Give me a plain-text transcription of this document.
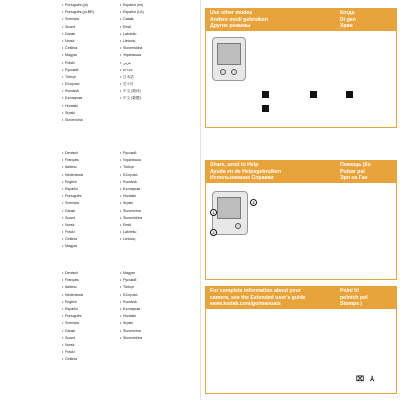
• Português (pt)
• Português (pt-BR)
• Svenska
• Suomi
• Dansk
• Norsk
• Čeština
• Magyar
• Polski
• Русский
• Türkçe
• Ελληνικά
• Română
• Български
• Hrvatski
• Srpski
• Slovenčina
• Español (es)
• Español (LA)
• Català
• Eesti
• Latviešu
• Lietuvių
• Slovenščina
• Українська
• عربي
• עברית
• 日本語
• 한국어
• 中文 (简体)
• 中文 (繁體)
• Deutsch
• Français
• Italiano
• Nederlands
• English
• Español
• Português
• Svenska
• Dansk
• Suomi
• Norsk
• Polski
• Čeština
• Magyar
• Русский
• Українська
• Türkçe
• Ελληνικά
• Română
• Български
• Hrvatski
• Srpski
• Slovenčina
• Slovenščina
• Eesti
• Latviešu
• Lietuvių
• Deutsch
• Français
• Italiano
• Nederlands
• English
• Español
• Português
• Svenska
• Dansk
• Suomi
• Norsk
• Polski
• Čeština
• Magyar
• Русский
• Türkçe
• Ελληνικά
• Română
• Български
• Hrvatski
• Srpski
• Slovenčina
• Slovenščina
Use other modes
Andere modi gebruiken
Другие режимы
Когда
Di gen
Хран
Share, send to Help
Ayuda en de Helpsgebruiken
Использование Справки
Помощь (Кн
Pulsar pal
Эрп ок Ган
1
2
3
For complete information about your
camera, see the Extended user's guide
www.kodak.com/go/manuals
Polní hl
polních pol
Stomps j
⌧ ⅄
